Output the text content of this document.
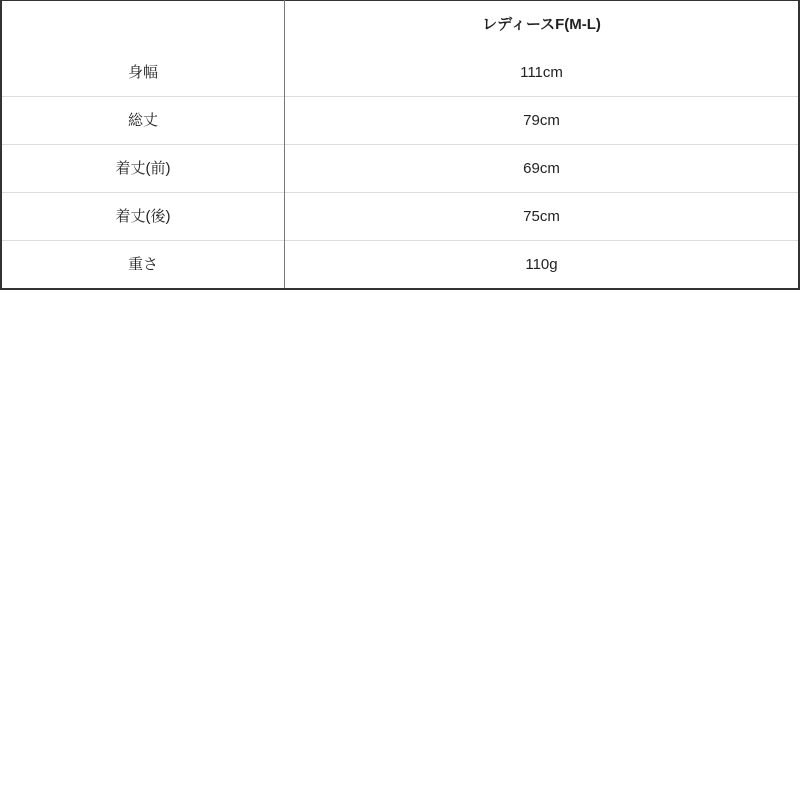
	レディースF(M-L)
身幅	111cm
総丈	79cm
着丈(前)	69cm
着丈(後)	75cm
重さ	110g
